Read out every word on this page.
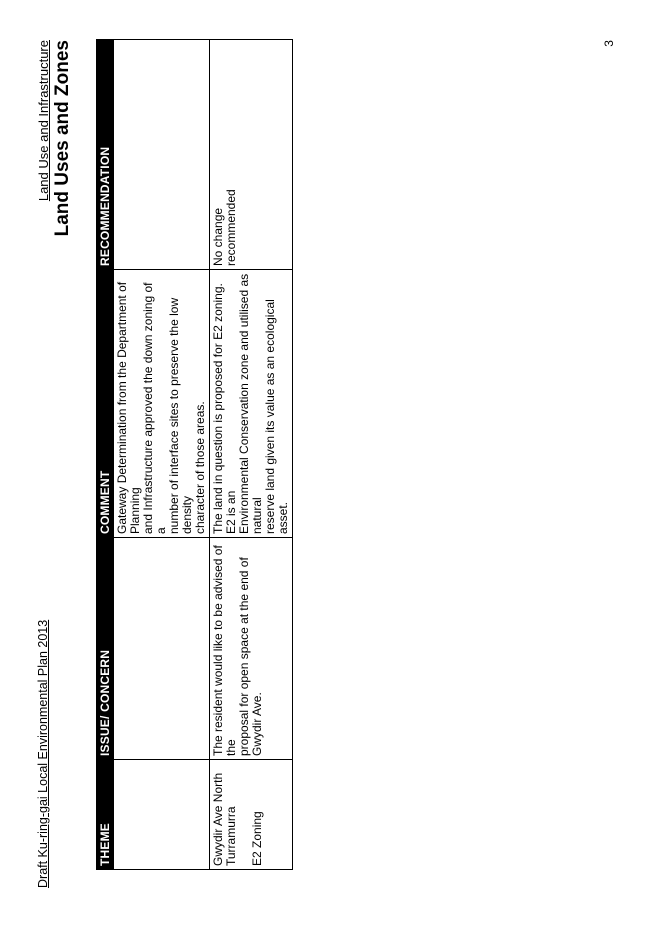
Draft Ku-ring-gai Local Environmental Plan 2013
Land Use and Infrastructure Land Uses and Zones
THEME	ISSUE/ CONCERN	COMMENT	RECOMMENDATION

		Gateway Determination from the Department of Planning and Infrastructure approved the down zoning of a number of interface sites to preserve the low density character of those areas.	

Gwydir Ave North Turramurra E2 Zoning	The resident would like to be advised of the proposal for open space at the end of Gwydir Ave.	The land in question is proposed for E2 zoning. E2 is an Environmental Conservation zone and utilised as natural reserve land given its value as an ecological asset.	No change recommended
3
